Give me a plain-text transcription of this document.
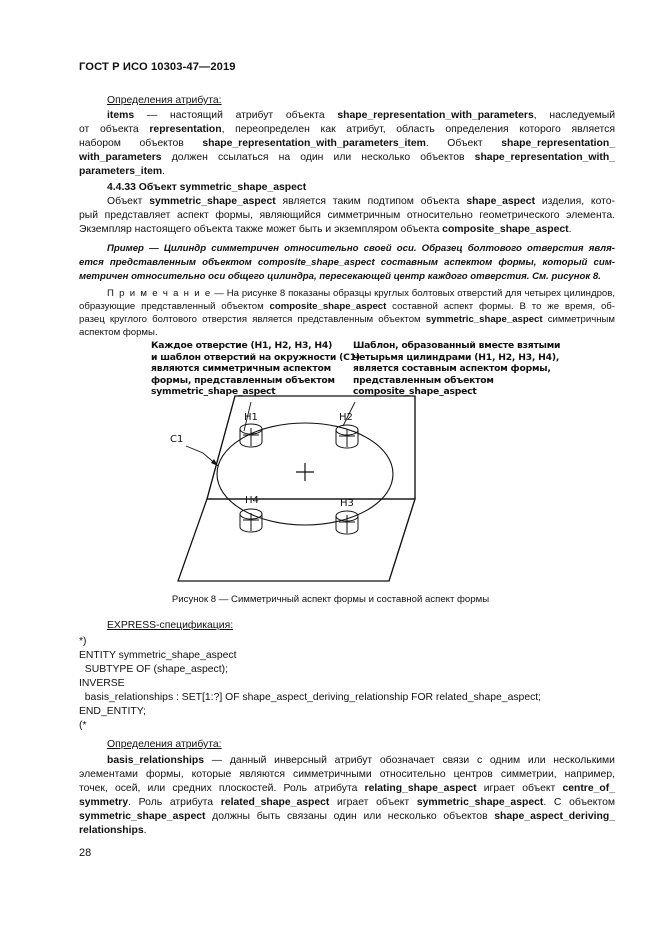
ГОСТ Р ИСО 10303-47—2019
Определения атрибута:
items — настоящий атрибут объекта shape_representation_with_parameters, наследуемый
от объекта representation, переопределен как атрибут, область определения которого является
набором объектов shape_representation_with_parameters_item. Объект shape_representation_
with_parameters должен ссылаться на один или несколько объектов shape_representation_with_
parameters_item.
4.4.33 Объект symmetric_shape_aspect
Объект symmetric_shape_aspect является таким подтипом объекта shape_aspect изделия, кото-
рый представляет аспект формы, являющийся симметричным относительно геометрического элемента.
Экземпляр настоящего объекта также может быть и экземпляром объекта composite_shape_aspect.
Пример — Цилиндр симметричен относительно своей оси. Образец болтового отверстия явля-
ется представленным объектом composite_shape_aspect составным аспектом формы, который сим-
метричен относительно оси общего цилиндра, пересекающей центр каждого отверстия. См. рисунок 8.
П р и м е ч а н и е — На рисунке 8 показаны образцы круглых болтовых отверстий для четырех цилиндров,
образующие представленный объектом composite_shape_aspect составной аспект формы. В то же время, об-
разец круглого болтового отверстия является представленным объектом symmetric_shape_aspect симметричным
аспектом формы.
Каждое отверстие (H1, H2, H3, H4)
и шаблон отверстий на окружности (C1)
являются симметричным аспектом
формы, представленным объектом
symmetric_shape_aspect
Шаблон, образованный вместе взятыми
четырьмя цилиндрами (H1, H2, H3, H4),
является составным аспектом формы,
представленным объектом
composite_shape_aspect
H1	H2
H4	H3
C1
Рисунок 8 — Симметричный аспект формы и составной аспект формы
EXPRESS-спецификация:
*)
ENTITY symmetric_shape_aspect
SUBTYPE OF (shape_aspect);
INVERSE
basis_relationships : SET[1:?] OF shape_aspect_deriving_relationship FOR related_shape_aspect;
END_ENTITY;
(*
Определения атрибута:
basis_relationships — данный инверсный атрибут обозначает связи с одним или несколькими
элементами формы, которые являются симметричными относительно центров симметрии, например,
точек, осей, или средних плоскостей. Роль атрибута relating_shape_aspect играет объект centre_of_
symmetry. Роль атрибута related_shape_aspect играет объект symmetric_shape_aspect. С объектом
symmetric_shape_aspect должны быть связаны один или несколько объектов shape_aspect_deriving_
relationships.
28
